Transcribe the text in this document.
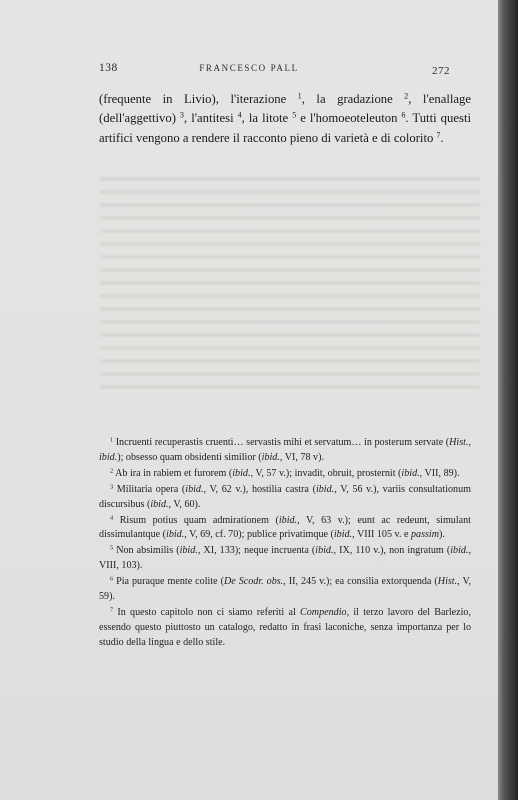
138	FRANCESCO PALL	272
(frequente in Livio), l'iterazione $^1$, la gradazione $^2$, l'enallage (dell'aggettivo) $^3$, l'antitesi $^4$, la litote $^5$ e l'homoeoteleuton $^6$. Tutti questi artifici vengono a rendere il racconto pieno di varietà e di colorito $^7$.

$^1$ Incruenti recuperastis cruenti… servastis mihi et servatum… in posterum servate (Hist., ibid.); obsesso quam obsidenti similior (ibid., VI, 78 v).

$^2$ Ab ira in rabiem et furorem (ibid., V, 57 v.); invadit, obruit, prosternit (ibid., VII, 89).

$^3$ Militaria opera (ibid., V, 62 v.), hostilia castra (ibid., V, 56 v.), variis consultationum discursibus (ibid., V, 60).

$^4$ Risum potius quam admirationem (ibid., V, 63 v.); eunt ac redeunt, simulant dissimulantque (ibid., V, 69, cf. 70); publice privatimque (ibid., VIII 105 v. e passim).

$^5$ Non absimilis (ibid., XI, 133); neque incruenta (ibid., IX, 110 v.), non ingratum (ibid., VIII, 103).

$^6$ Pia puraque mente colite (De Scodr. obs., II, 245 v.); ea consilia extorquenda (Hist., V, 59).

$^7$ In questo capitolo non ci siamo referiti al Compendio, il terzo lavoro del Barlezio, essendo questo piuttosto un catalogo, redatto in frasi laconiche, senza importanza per lo studio della lingua e dello stile.
